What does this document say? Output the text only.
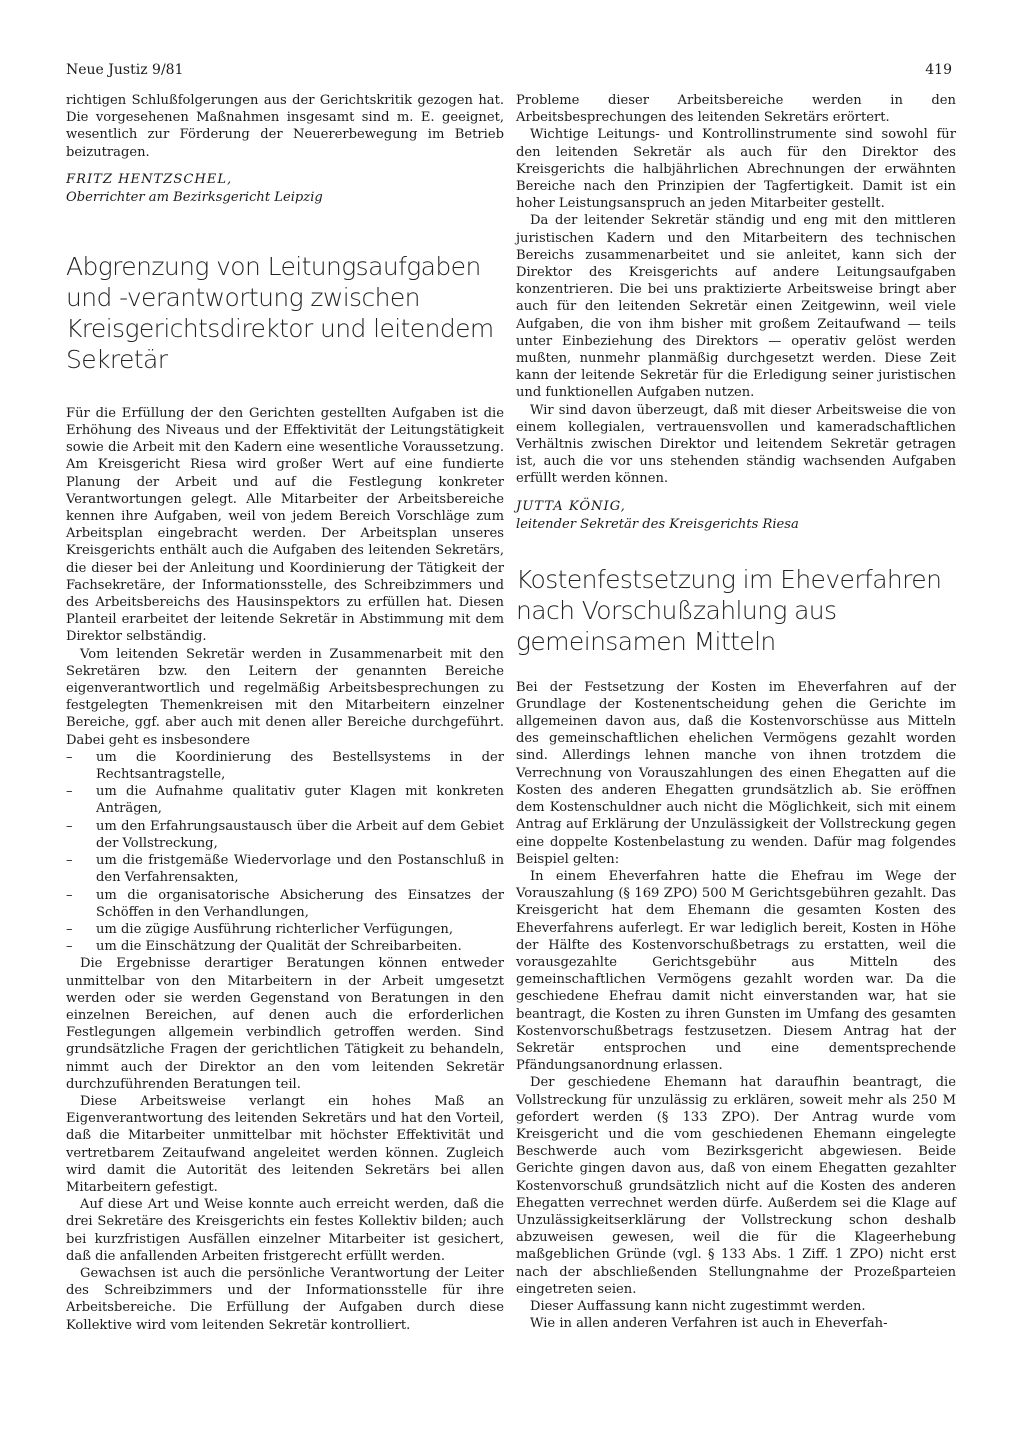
Neue Justiz 9/81	419

richtigen Schlußfolgerungen aus der Gerichtskritik gezogen hat. Die vorgesehenen Maßnahmen insgesamt sind m. E. geeignet, wesentlich zur Förderung der Neuererbewegung im Betrieb beizutragen.

FRITZ HENTZSCHEL,
Oberrichter am Bezirksgericht Leipzig
Abgrenzung von Leitungsaufgaben und -verantwortung zwischen Kreisgerichtsdirektor und leitendem Sekretär

Für die Erfüllung der den Gerichten gestellten Aufgaben ist die Erhöhung des Niveaus und der Effektivität der Leitungstätigkeit sowie die Arbeit mit den Kadern eine wesentliche Voraussetzung. Am Kreisgericht Riesa wird großer Wert auf eine fundierte Planung der Arbeit und auf die Festlegung konkreter Verantwortungen gelegt. Alle Mitarbeiter der Arbeitsbereiche kennen ihre Aufgaben, weil von jedem Bereich Vorschläge zum Arbeitsplan eingebracht werden. Der Arbeitsplan unseres Kreisgerichts enthält auch die Aufgaben des leitenden Sekretärs, die dieser bei der Anleitung und Koordinierung der Tätigkeit der Fachsekretäre, der Informationsstelle, des Schreibzimmers und des Arbeitsbereichs des Hausinspektors zu erfüllen hat. Diesen Planteil erarbeitet der leitende Sekretär in Abstimmung mit dem Direktor selbständig.

Vom leitenden Sekretär werden in Zusammenarbeit mit den Sekretären bzw. den Leitern der genannten Bereiche eigenverantwortlich und regelmäßig Arbeitsbesprechungen zu festgelegten Themenkreisen mit den Mitarbeitern einzelner Bereiche, ggf. aber auch mit denen aller Bereiche durchgeführt. Dabei geht es insbesondere

– um die Koordinierung des Bestellsystems in der Rechtsantragstelle,
– um die Aufnahme qualitativ guter Klagen mit konkreten Anträgen,
– um den Erfahrungsaustausch über die Arbeit auf dem Gebiet der Vollstreckung,
– um die fristgemäße Wiedervorlage und den Postanschluß in den Verfahrensakten,
– um die organisatorische Absicherung des Einsatzes der Schöffen in den Verhandlungen,
– um die zügige Ausführung richterlicher Verfügungen,
– um die Einschätzung der Qualität der Schreibarbeiten.

Die Ergebnisse derartiger Beratungen können entweder unmittelbar von den Mitarbeitern in der Arbeit umgesetzt werden oder sie werden Gegenstand von Beratungen in den einzelnen Bereichen, auf denen auch die erforderlichen Festlegungen allgemein verbindlich getroffen werden. Sind grundsätzliche Fragen der gerichtlichen Tätigkeit zu behandeln, nimmt auch der Direktor an den vom leitenden Sekretär durchzuführenden Beratungen teil.

Diese Arbeitsweise verlangt ein hohes Maß an Eigenverantwortung des leitenden Sekretärs und hat den Vorteil, daß die Mitarbeiter unmittelbar mit höchster Effektivität und vertretbarem Zeitaufwand angeleitet werden können. Zugleich wird damit die Autorität des leitenden Sekretärs bei allen Mitarbeitern gefestigt.

Auf diese Art und Weise konnte auch erreicht werden, daß die drei Sekretäre des Kreisgerichts ein festes Kollektiv bilden; auch bei kurzfristigen Ausfällen einzelner Mitarbeiter ist gesichert, daß die anfallenden Arbeiten fristgerecht erfüllt werden.

Gewachsen ist auch die persönliche Verantwortung der Leiter des Schreibzimmers und der Informationsstelle für ihre Arbeitsbereiche. Die Erfüllung der Aufgaben durch diese Kollektive wird vom leitenden Sekretär kontrolliert.

Probleme dieser Arbeitsbereiche werden in den Arbeitsbesprechungen des leitenden Sekretärs erörtert.

Wichtige Leitungs- und Kontrollinstrumente sind sowohl für den leitenden Sekretär als auch für den Direktor des Kreisgerichts die halbjährlichen Abrechnungen der erwähnten Bereiche nach den Prinzipien der Tagfertigkeit. Damit ist ein hoher Leistungsanspruch an jeden Mitarbeiter gestellt.

Da der leitender Sekretär ständig und eng mit den mittleren juristischen Kadern und den Mitarbeitern des technischen Bereichs zusammenarbeitet und sie anleitet, kann sich der Direktor des Kreisgerichts auf andere Leitungsaufgaben konzentrieren. Die bei uns praktizierte Arbeitsweise bringt aber auch für den leitenden Sekretär einen Zeitgewinn, weil viele Aufgaben, die von ihm bisher mit großem Zeitaufwand — teils unter Einbeziehung des Direktors — operativ gelöst werden mußten, nunmehr planmäßig durchgesetzt werden. Diese Zeit kann der leitende Sekretär für die Erledigung seiner juristischen und funktionellen Aufgaben nutzen.

Wir sind davon überzeugt, daß mit dieser Arbeitsweise die von einem kollegialen, vertrauensvollen und kameradschaftlichen Verhältnis zwischen Direktor und leitendem Sekretär getragen ist, auch die vor uns stehenden ständig wachsenden Aufgaben erfüllt werden können.

JUTTA KÖNIG,
leitender Sekretär des Kreisgerichts Riesa
Kostenfestsetzung im Eheverfahren nach Vorschußzahlung aus gemeinsamen Mitteln

Bei der Festsetzung der Kosten im Eheverfahren auf der Grundlage der Kostenentscheidung gehen die Gerichte im allgemeinen davon aus, daß die Kostenvorschüsse aus Mitteln des gemeinschaftlichen ehelichen Vermögens gezahlt worden sind. Allerdings lehnen manche von ihnen trotzdem die Verrechnung von Vorauszahlungen des einen Ehegatten auf die Kosten des anderen Ehegatten grundsätzlich ab. Sie eröffnen dem Kostenschuldner auch nicht die Möglichkeit, sich mit einem Antrag auf Erklärung der Unzulässigkeit der Vollstreckung gegen eine doppelte Kostenbelastung zu wenden. Dafür mag folgendes Beispiel gelten:

In einem Eheverfahren hatte die Ehefrau im Wege der Vorauszahlung (§ 169 ZPO) 500 M Gerichtsgebühren gezahlt. Das Kreisgericht hat dem Ehemann die gesamten Kosten des Eheverfahrens auferlegt. Er war lediglich bereit, Kosten in Höhe der Hälfte des Kostenvorschußbetrags zu erstatten, weil die vorausgezahlte Gerichtsgebühr aus Mitteln des gemeinschaftlichen Vermögens gezahlt worden war. Da die geschiedene Ehefrau damit nicht einverstanden war, hat sie beantragt, die Kosten zu ihren Gunsten im Umfang des gesamten Kostenvorschußbetrags festzusetzen. Diesem Antrag hat der Sekretär entsprochen und eine dementsprechende Pfändungsanordnung erlassen.

Der geschiedene Ehemann hat daraufhin beantragt, die Vollstreckung für unzulässig zu erklären, soweit mehr als 250 M gefordert werden (§ 133 ZPO). Der Antrag wurde vom Kreisgericht und die vom geschiedenen Ehemann eingelegte Beschwerde auch vom Bezirksgericht abgewiesen. Beide Gerichte gingen davon aus, daß von einem Ehegatten gezahlter Kostenvorschuß grundsätzlich nicht auf die Kosten des anderen Ehegatten verrechnet werden dürfe. Außerdem sei die Klage auf Unzulässigkeitserklärung der Vollstreckung schon deshalb abzuweisen gewesen, weil die für die Klageerhebung maßgeblichen Gründe (vgl. § 133 Abs. 1 Ziff. 1 ZPO) nicht erst nach der abschließenden Stellungnahme der Prozeßparteien eingetreten seien.

Dieser Auffassung kann nicht zugestimmt werden.

Wie in allen anderen Verfahren ist auch in Eheverfah-
